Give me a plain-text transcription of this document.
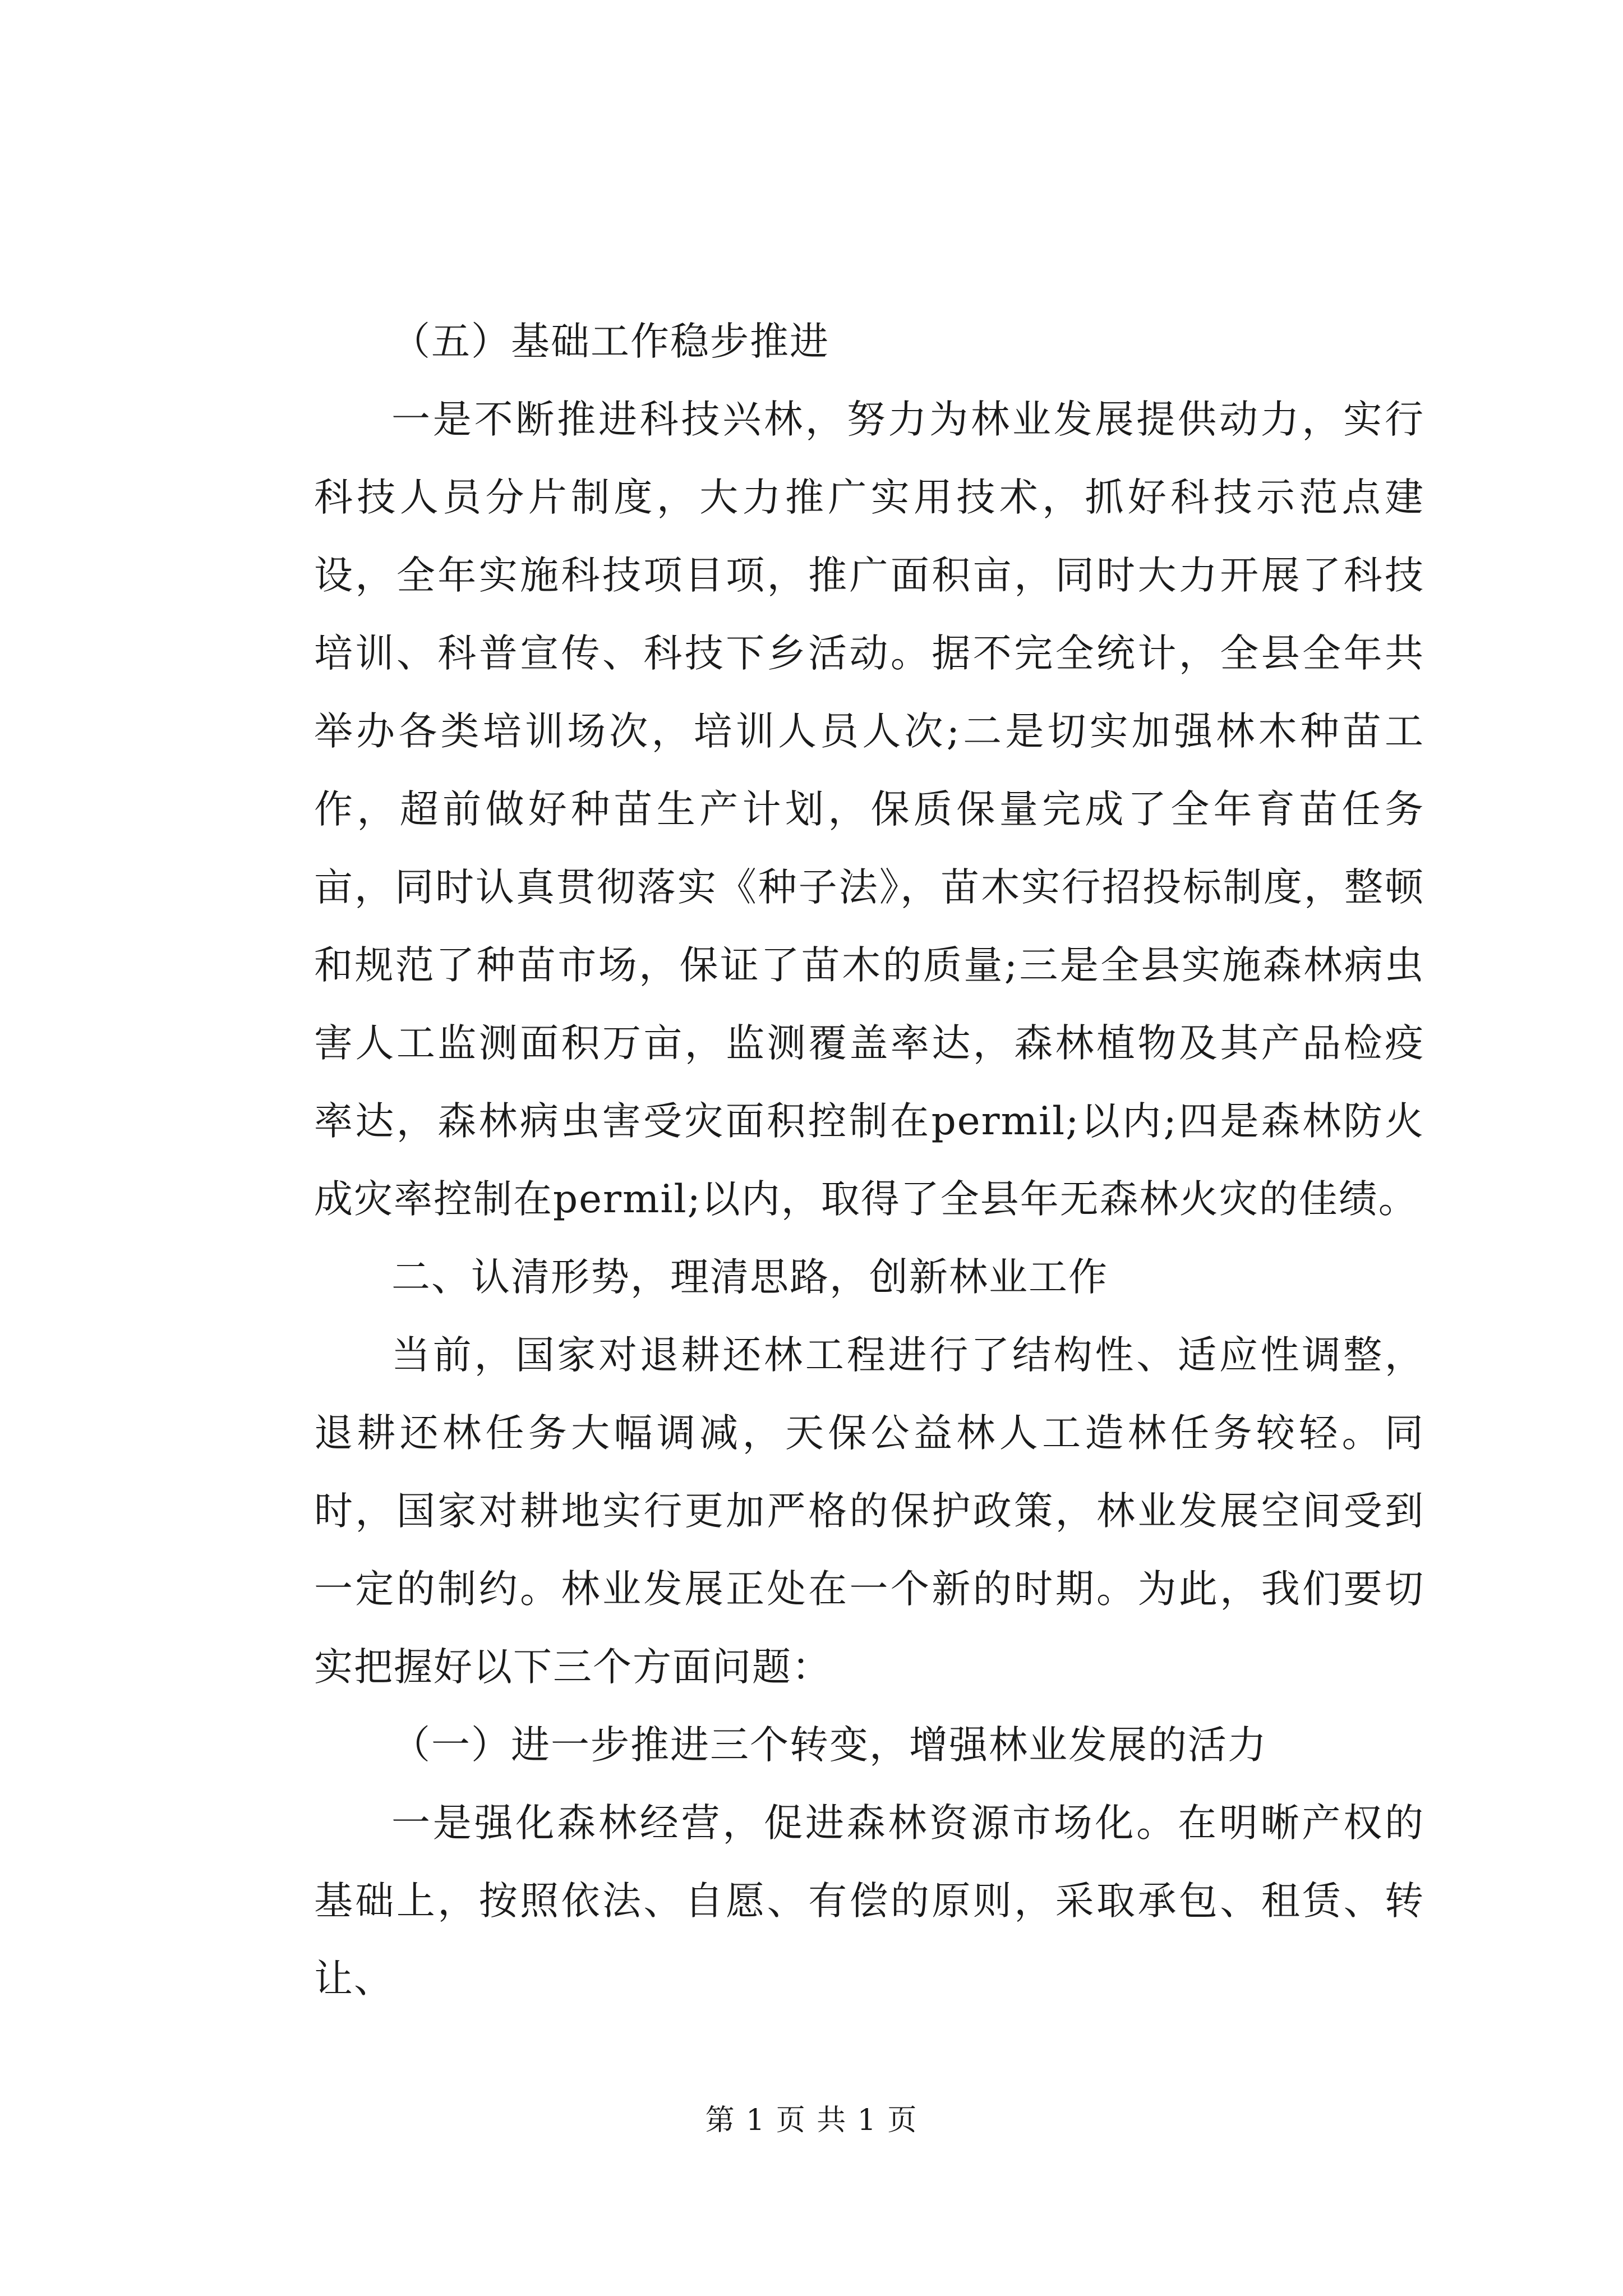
（五）基础工作稳步推进

一是不断推进科技兴林，努力为林业发展提供动力，实行科技人员分片制度，大力推广实用技术，抓好科技示范点建设，全年实施科技项目项，推广面积亩，同时大力开展了科技培训、科普宣传、科技下乡活动。据不完全统计，全县全年共举办各类培训场次，培训人员人次;二是切实加强林木种苗工作，超前做好种苗生产计划，保质保量完成了全年育苗任务亩，同时认真贯彻落实《种子法》，苗木实行招投标制度，整顿和规范了种苗市场，保证了苗木的质量;三是全县实施森林病虫害人工监测面积万亩，监测覆盖率达，森林植物及其产品检疫率达，森林病虫害受灾面积控制在permil;以内;四是森林防火成灾率控制在permil;以内，取得了全县年无森林火灾的佳绩。

二、认清形势，理清思路，创新林业工作

当前，国家对退耕还林工程进行了结构性、适应性调整，退耕还林任务大幅调减，天保公益林人工造林任务较轻。同时，国家对耕地实行更加严格的保护政策，林业发展空间受到一定的制约。林业发展正处在一个新的时期。为此，我们要切实把握好以下三个方面问题：

（一）进一步推进三个转变，增强林业发展的活力

一是强化森林经营，促进森林资源市场化。在明晰产权的基础上，按照依法、自愿、有偿的原则，采取承包、租赁、转让、

第 1 页 共 1 页
